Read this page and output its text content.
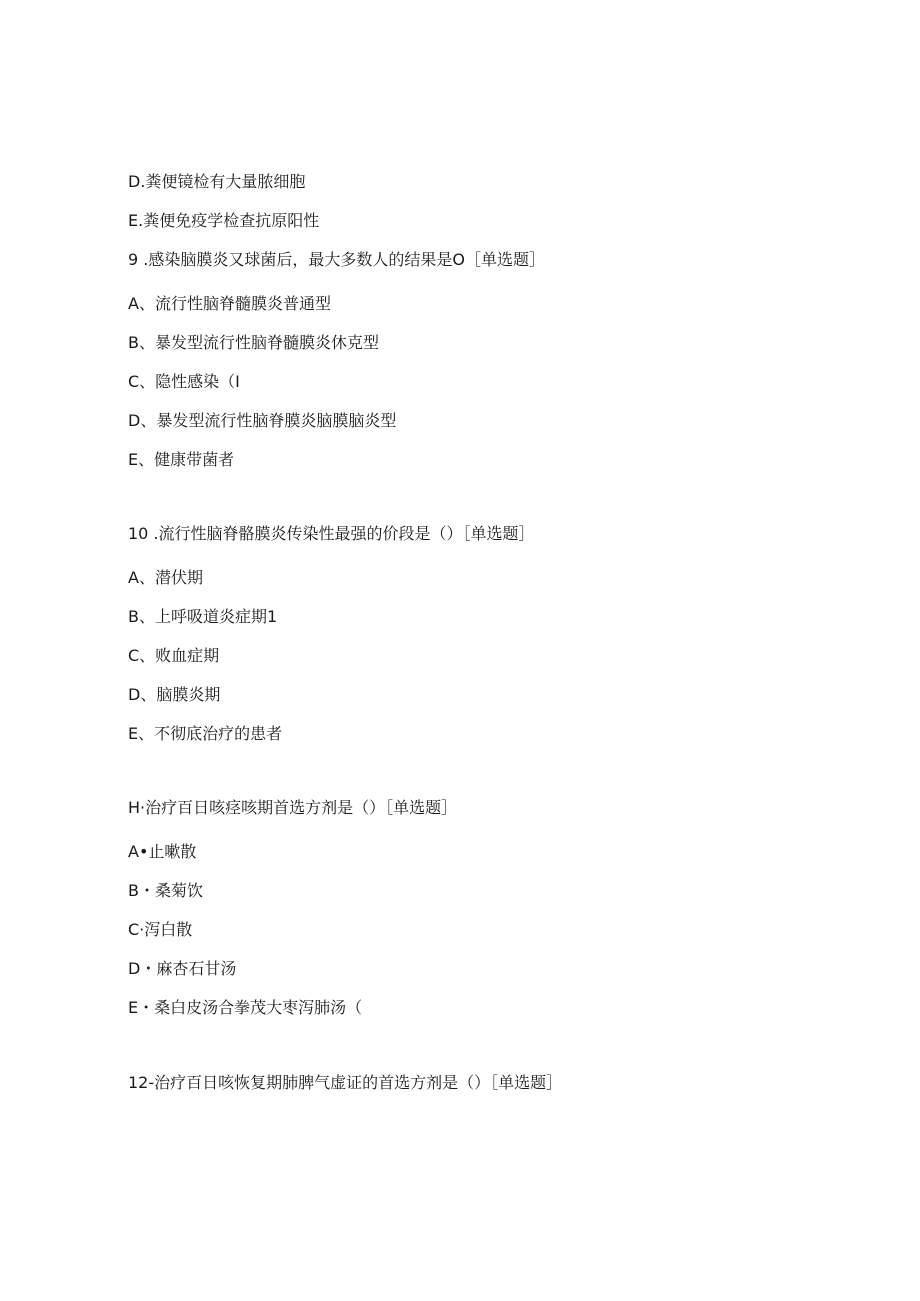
D.粪便镜检有大量脓细胞
E.粪便免疫学检查抗原阳性
9 .感染脑膜炎又球菌后，最大多数人的结果是O［单选题］
A、流行性脑脊髓膜炎普通型
B、暴发型流行性脑脊髓膜炎休克型
C、隐性感染（I
D、暴发型流行性脑脊膜炎脑膜脑炎型
E、健康带菌者
10 .流行性脑脊骼膜炎传染性最强的价段是（）［单选题］
A、潜伏期
B、上呼吸道炎症期1
C、败血症期
D、脑膜炎期
E、不彻底治疗的患者
H·治疗百日咳痉咳期首选方剂是（）［单选题］
A•止嗽散
B・桑菊饮
C·泻白散
D・麻杏石甘汤
E・桑白皮汤合拳茂大枣泻肺汤（
12-治疗百日咳恢复期肺脾气虚证的首选方剂是（）［单选题］
